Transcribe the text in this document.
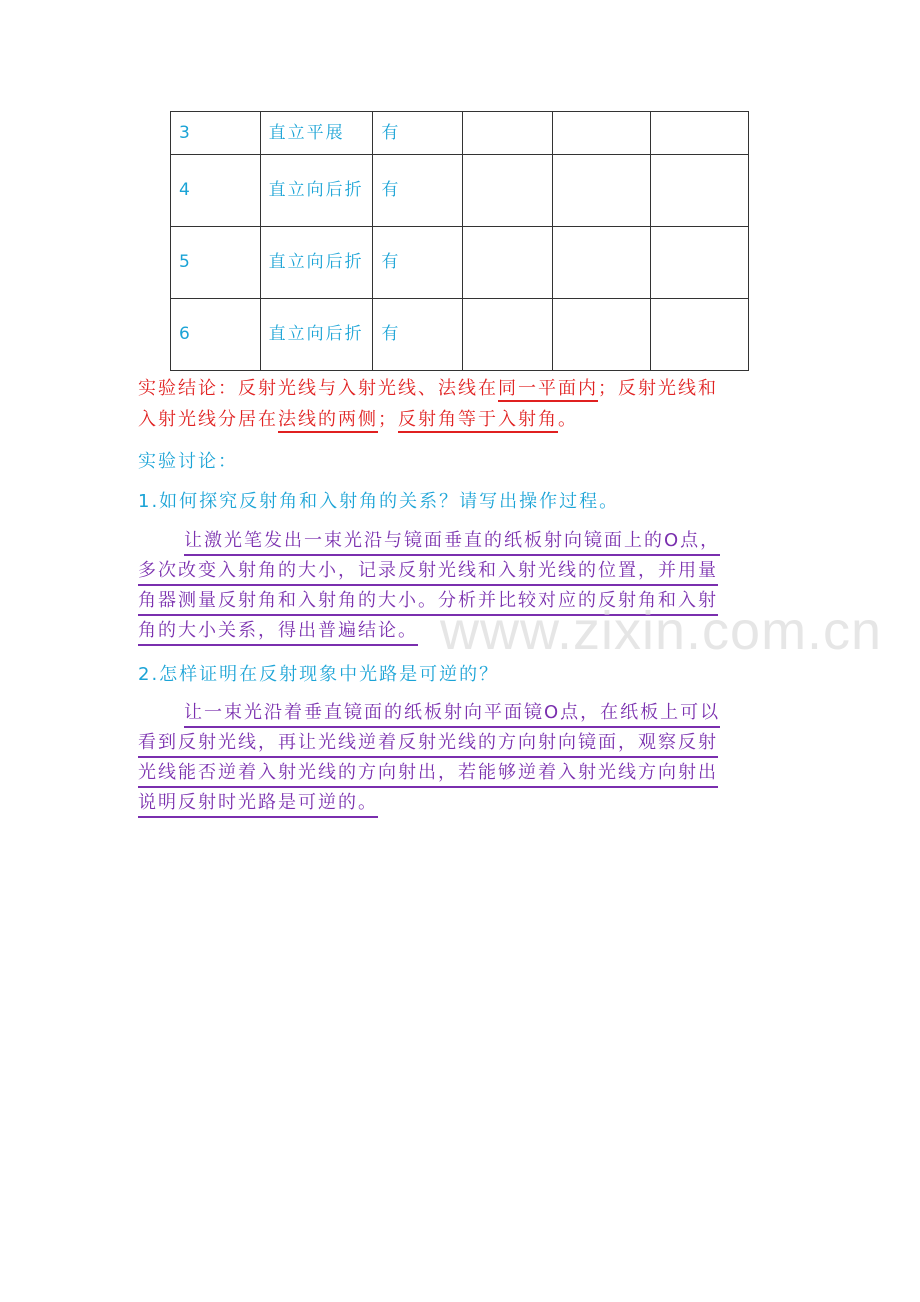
3	直立平展	有			
4	直立向后折	有			
5	直立向后折	有			
6	直立向后折	有			
实验结论：反射光线与入射光线、法线在同一平面内；反射光线和
入射光线分居在法线的两侧；反射角等于入射角。
实验讨论：
1.如何探究反射角和入射角的关系？请写出操作过程。
让激光笔发出一束光沿与镜面垂直的纸板射向镜面上的O点，
多次改变入射角的大小，记录反射光线和入射光线的位置，并用量
角器测量反射角和入射角的大小。分析并比较对应的反射角和入射
角的大小关系，得出普遍结论。
2.怎样证明在反射现象中光路是可逆的？
让一束光沿着垂直镜面的纸板射向平面镜O点，在纸板上可以
看到反射光线，再让光线逆着反射光线的方向射向镜面，观察反射
光线能否逆着入射光线的方向射出，若能够逆着入射光线方向射出
说明反射时光路是可逆的。
www.zixin.com.cn
